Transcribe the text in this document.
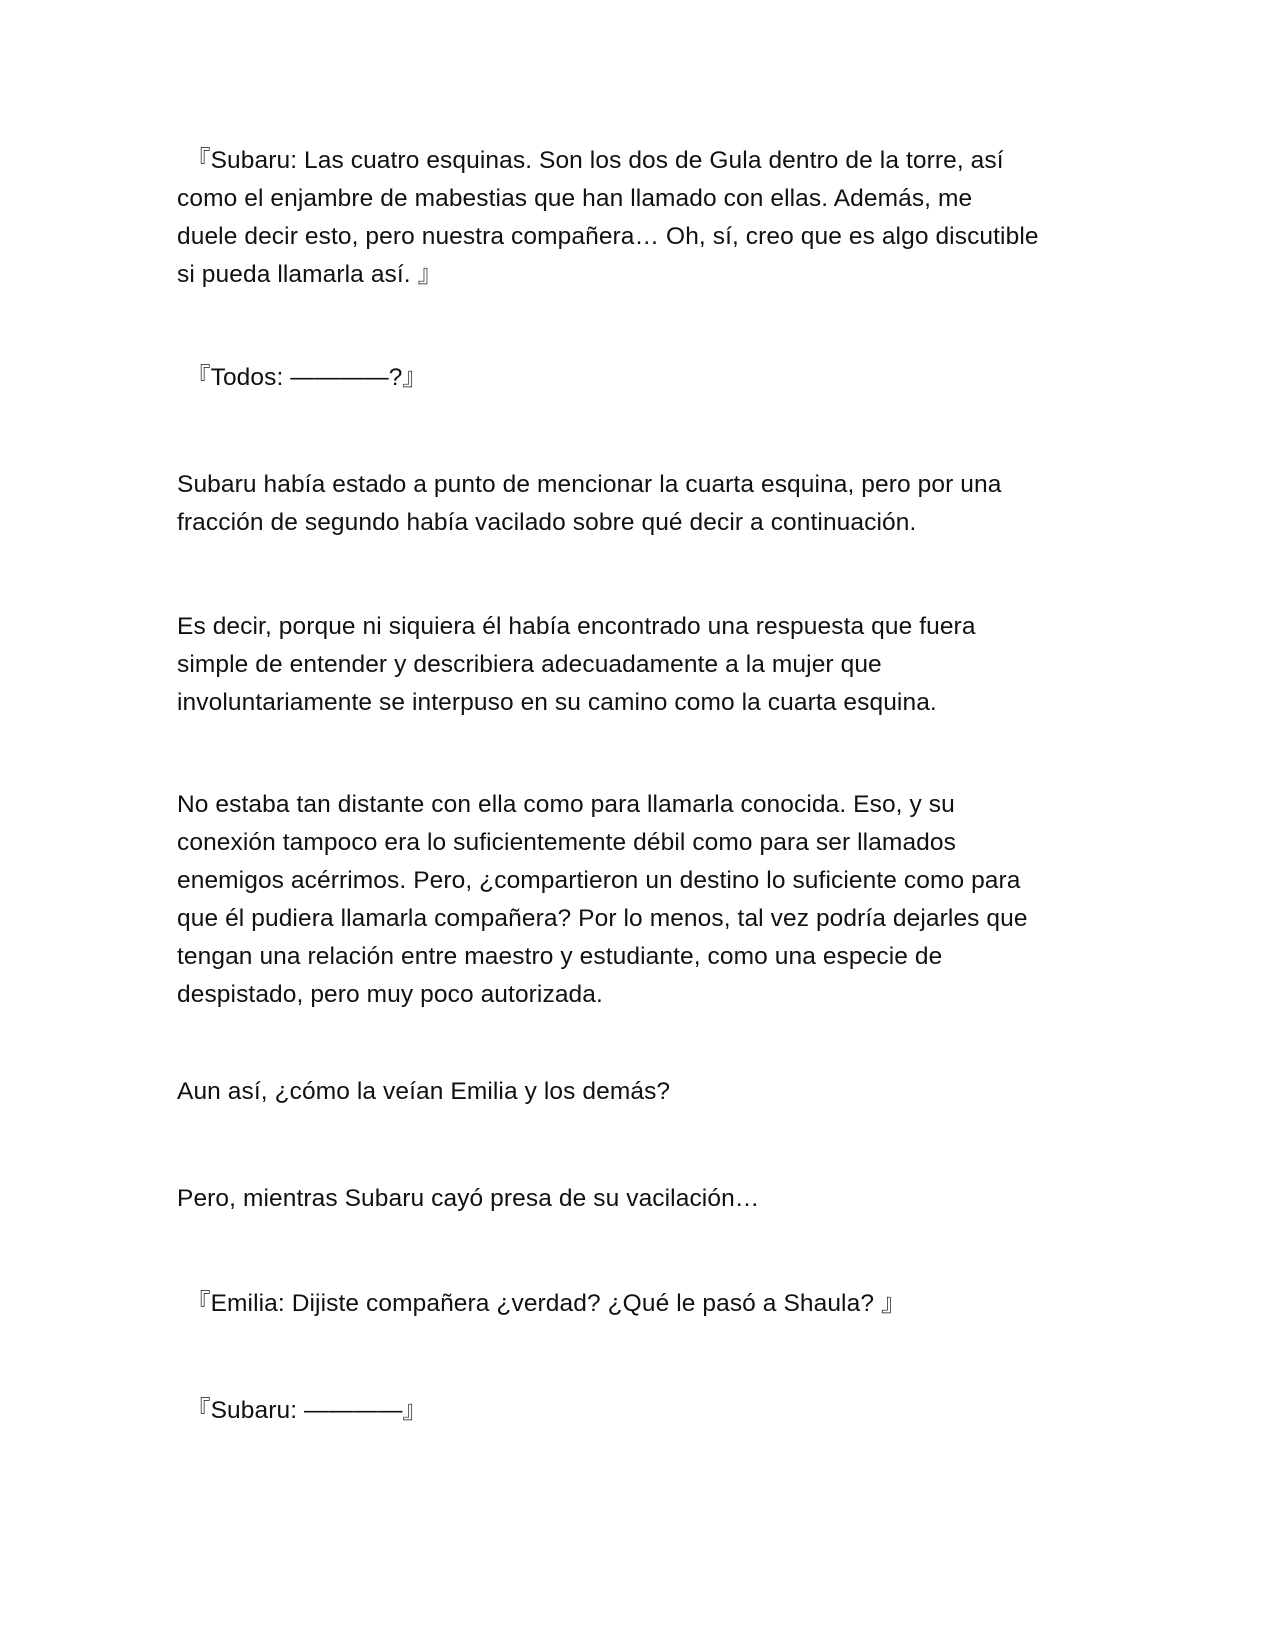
『Subaru: Las cuatro esquinas. Son los dos de Gula dentro de la torre, así
como el enjambre de mabestias que han llamado con ellas. Además, me
duele decir esto, pero nuestra compañera… Oh, sí, creo que es algo discutible
si pueda llamarla así. 』

『Todos: ————?』

Subaru había estado a punto de mencionar la cuarta esquina, pero por una
fracción de segundo había vacilado sobre qué decir a continuación.

Es decir, porque ni siquiera él había encontrado una respuesta que fuera
simple de entender y describiera adecuadamente a la mujer que
involuntariamente se interpuso en su camino como la cuarta esquina.

No estaba tan distante con ella como para llamarla conocida. Eso, y su
conexión tampoco era lo suficientemente débil como para ser llamados
enemigos acérrimos. Pero, ¿compartieron un destino lo suficiente como para
que él pudiera llamarla compañera? Por lo menos, tal vez podría dejarles que
tengan una relación entre maestro y estudiante, como una especie de
despistado, pero muy poco autorizada.

Aun así, ¿cómo la veían Emilia y los demás?

Pero, mientras Subaru cayó presa de su vacilación…

『Emilia: Dijiste compañera ¿verdad? ¿Qué le pasó a Shaula? 』

『Subaru: ————』
